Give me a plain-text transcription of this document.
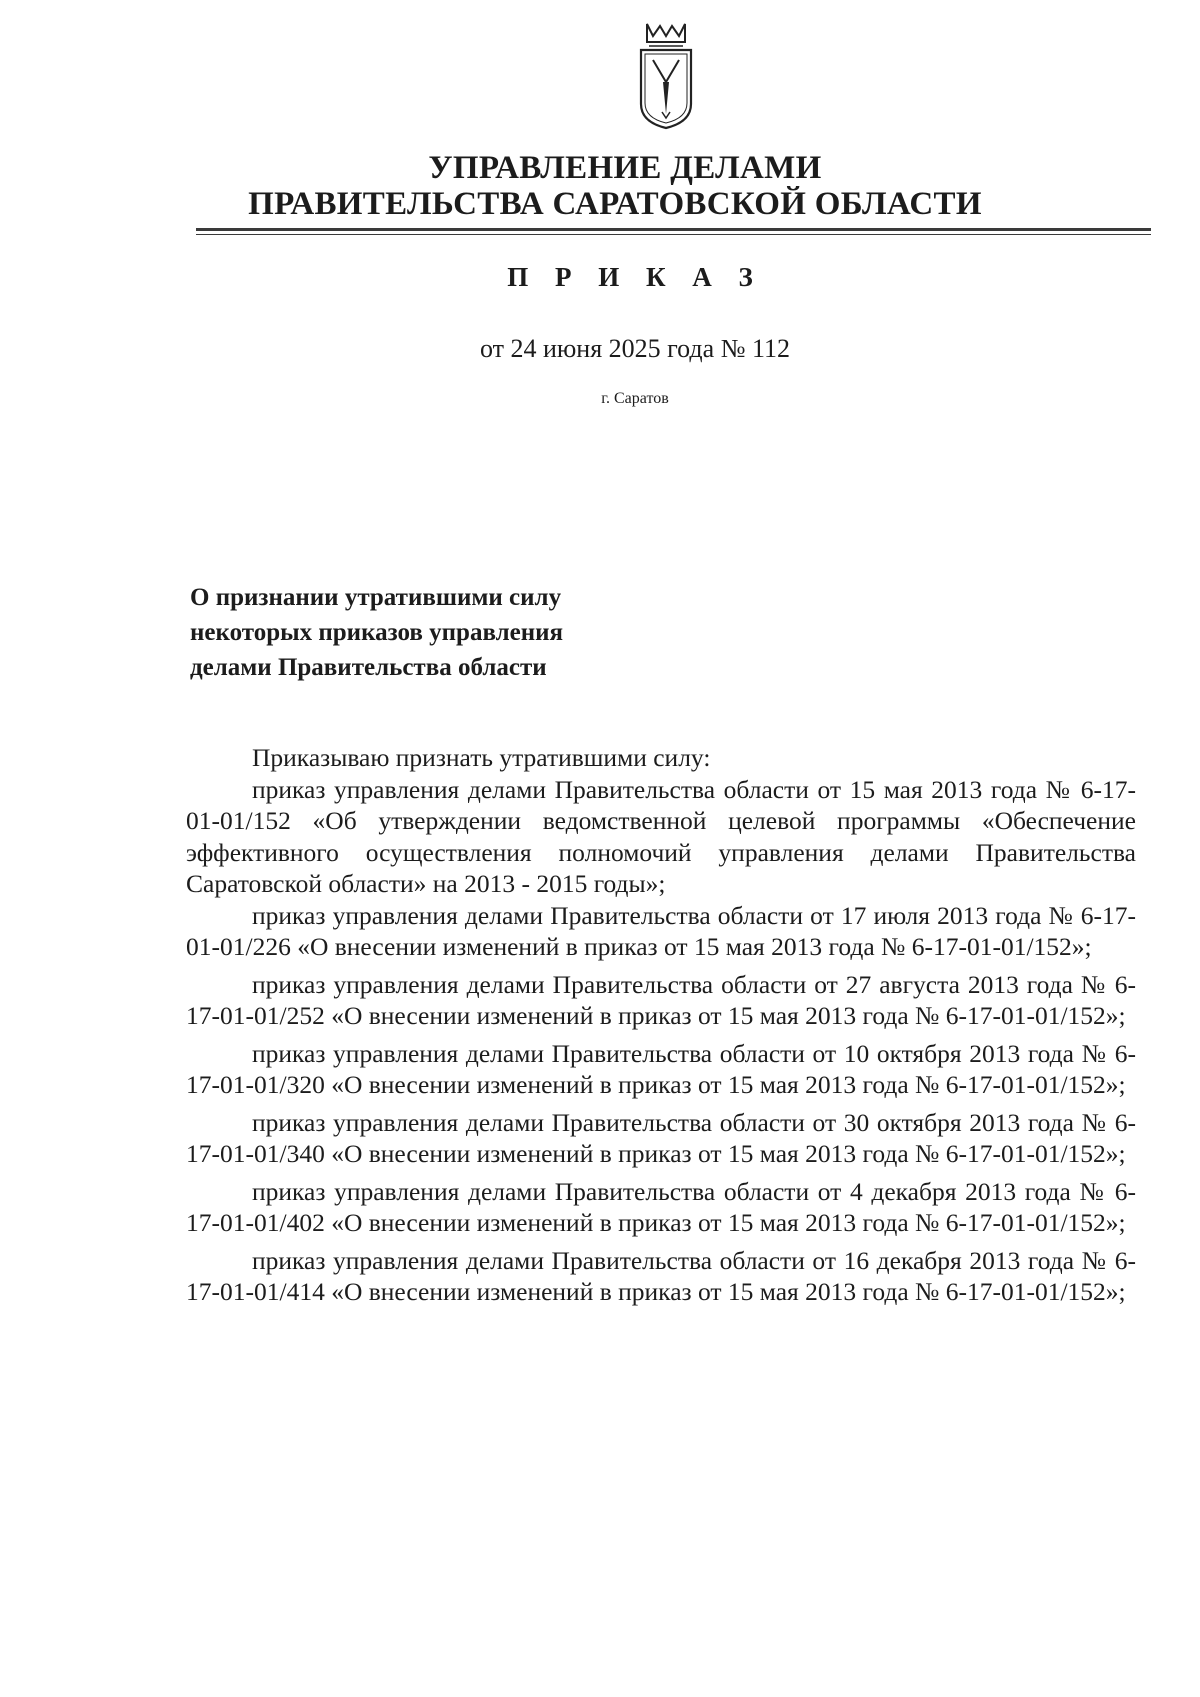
УПРАВЛЕНИЕ ДЕЛАМИ
ПРАВИТЕЛЬСТВА САРАТОВСКОЙ ОБЛАСТИ
П Р И К А З
от 24 июня 2025 года № 112
г. Саратов
О признании утратившими силу
некоторых приказов управления
делами Правительства области

Приказываю признать утратившими силу:

приказ управления делами Правительства области от 15 мая 2013 года № 6-17-01-01/152 «Об утверждении ведомственной целевой программы «Обеспечение эффективного осуществления полномочий управления делами Правительства Саратовской области» на 2013 - 2015 годы»;

приказ управления делами Правительства области от 17 июля 2013 года № 6-17-01-01/226 «О внесении изменений в приказ от 15 мая 2013 года № 6-17-01-01/152»;

приказ управления делами Правительства области от 27 августа 2013 года № 6-17-01-01/252 «О внесении изменений в приказ от 15 мая 2013 года № 6-17-01-01/152»;

приказ управления делами Правительства области от 10 октября 2013 года № 6-17-01-01/320 «О внесении изменений в приказ от 15 мая 2013 года № 6-17-01-01/152»;

приказ управления делами Правительства области от 30 октября 2013 года № 6-17-01-01/340 «О внесении изменений в приказ от 15 мая 2013 года № 6-17-01-01/152»;

приказ управления делами Правительства области от 4 декабря 2013 года № 6-17-01-01/402 «О внесении изменений в приказ от 15 мая 2013 года № 6-17-01-01/152»;

приказ управления делами Правительства области от 16 декабря 2013 года № 6-17-01-01/414 «О внесении изменений в приказ от 15 мая 2013 года № 6-17-01-01/152»;
